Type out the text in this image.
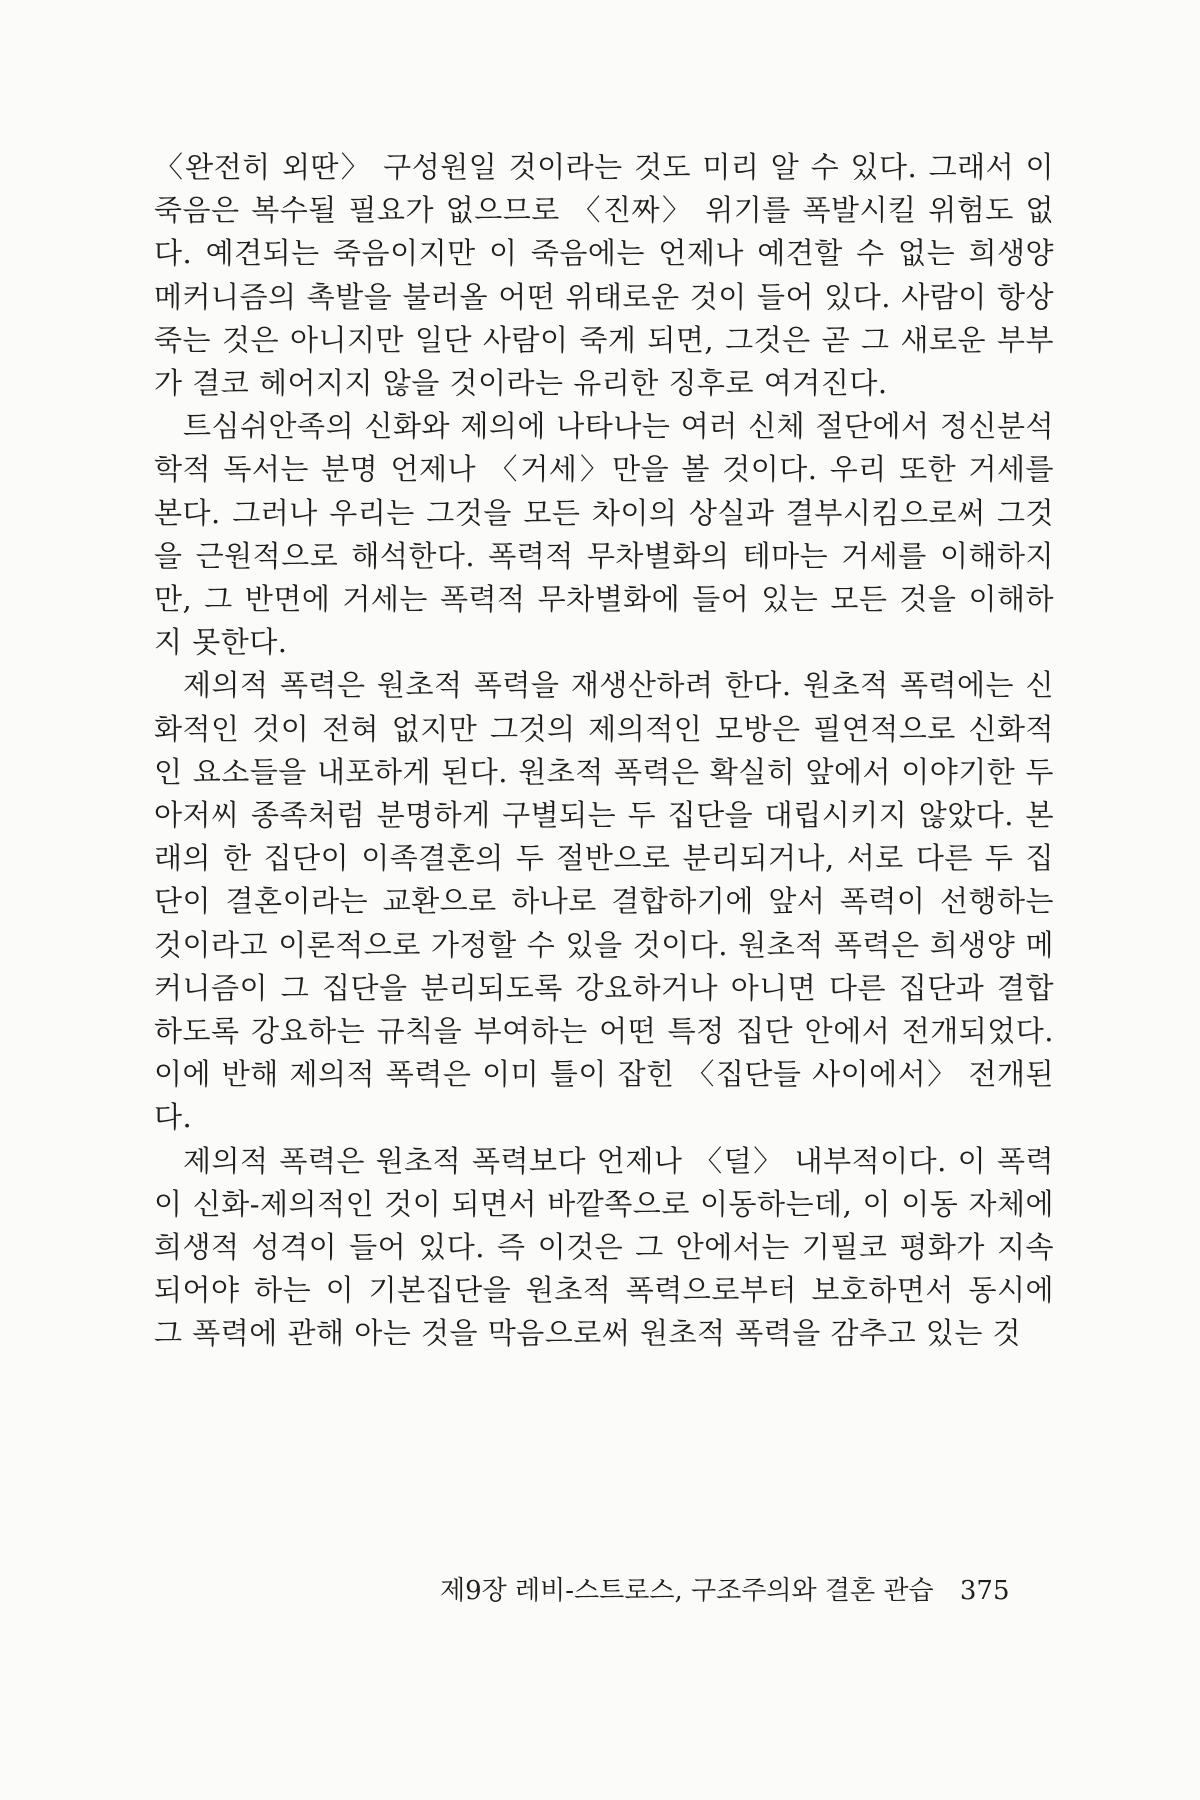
〈완전히 외딴〉 구성원일 것이라는 것도 미리 알 수 있다. 그래서 이 죽음은 복수될 필요가 없으므로 〈진짜〉 위기를 폭발시킬 위험도 없다. 예견되는 죽음이지만 이 죽음에는 언제나 예견할 수 없는 희생양 메커니즘의 촉발을 불러올 어떤 위태로운 것이 들어 있다. 사람이 항상 죽는 것은 아니지만 일단 사람이 죽게 되면, 그것은 곧 그 새로운 부부가 결코 헤어지지 않을 것이라는 유리한 징후로 여겨진다.

트심쉬안족의 신화와 제의에 나타나는 여러 신체 절단에서 정신분석학적 독서는 분명 언제나 〈거세〉만을 볼 것이다. 우리 또한 거세를 본다. 그러나 우리는 그것을 모든 차이의 상실과 결부시킴으로써 그것을 근원적으로 해석한다. 폭력적 무차별화의 테마는 거세를 이해하지만, 그 반면에 거세는 폭력적 무차별화에 들어 있는 모든 것을 이해하지 못한다.

제의적 폭력은 원초적 폭력을 재생산하려 한다. 원초적 폭력에는 신화적인 것이 전혀 없지만 그것의 제의적인 모방은 필연적으로 신화적인 요소들을 내포하게 된다. 원초적 폭력은 확실히 앞에서 이야기한 두 아저씨 종족처럼 분명하게 구별되는 두 집단을 대립시키지 않았다. 본래의 한 집단이 이족결혼의 두 절반으로 분리되거나, 서로 다른 두 집단이 결혼이라는 교환으로 하나로 결합하기에 앞서 폭력이 선행하는 것이라고 이론적으로 가정할 수 있을 것이다. 원초적 폭력은 희생양 메커니즘이 그 집단을 분리되도록 강요하거나 아니면 다른 집단과 결합하도록 강요하는 규칙을 부여하는 어떤 특정 집단 안에서 전개되었다. 이에 반해 제의적 폭력은 이미 틀이 잡힌 〈집단들 사이에서〉 전개된다.

제의적 폭력은 원초적 폭력보다 언제나 〈덜〉 내부적이다. 이 폭력이 신화-제의적인 것이 되면서 바깥쪽으로 이동하는데, 이 이동 자체에 희생적 성격이 들어 있다. 즉 이것은 그 안에서는 기필코 평화가 지속되어야 하는 이 기본집단을 원초적 폭력으로부터 보호하면서 동시에 그 폭력에 관해 아는 것을 막음으로써 원초적 폭력을 감추고 있는 것

제9장 레비-스트로스, 구조주의와 결혼 관습 375
